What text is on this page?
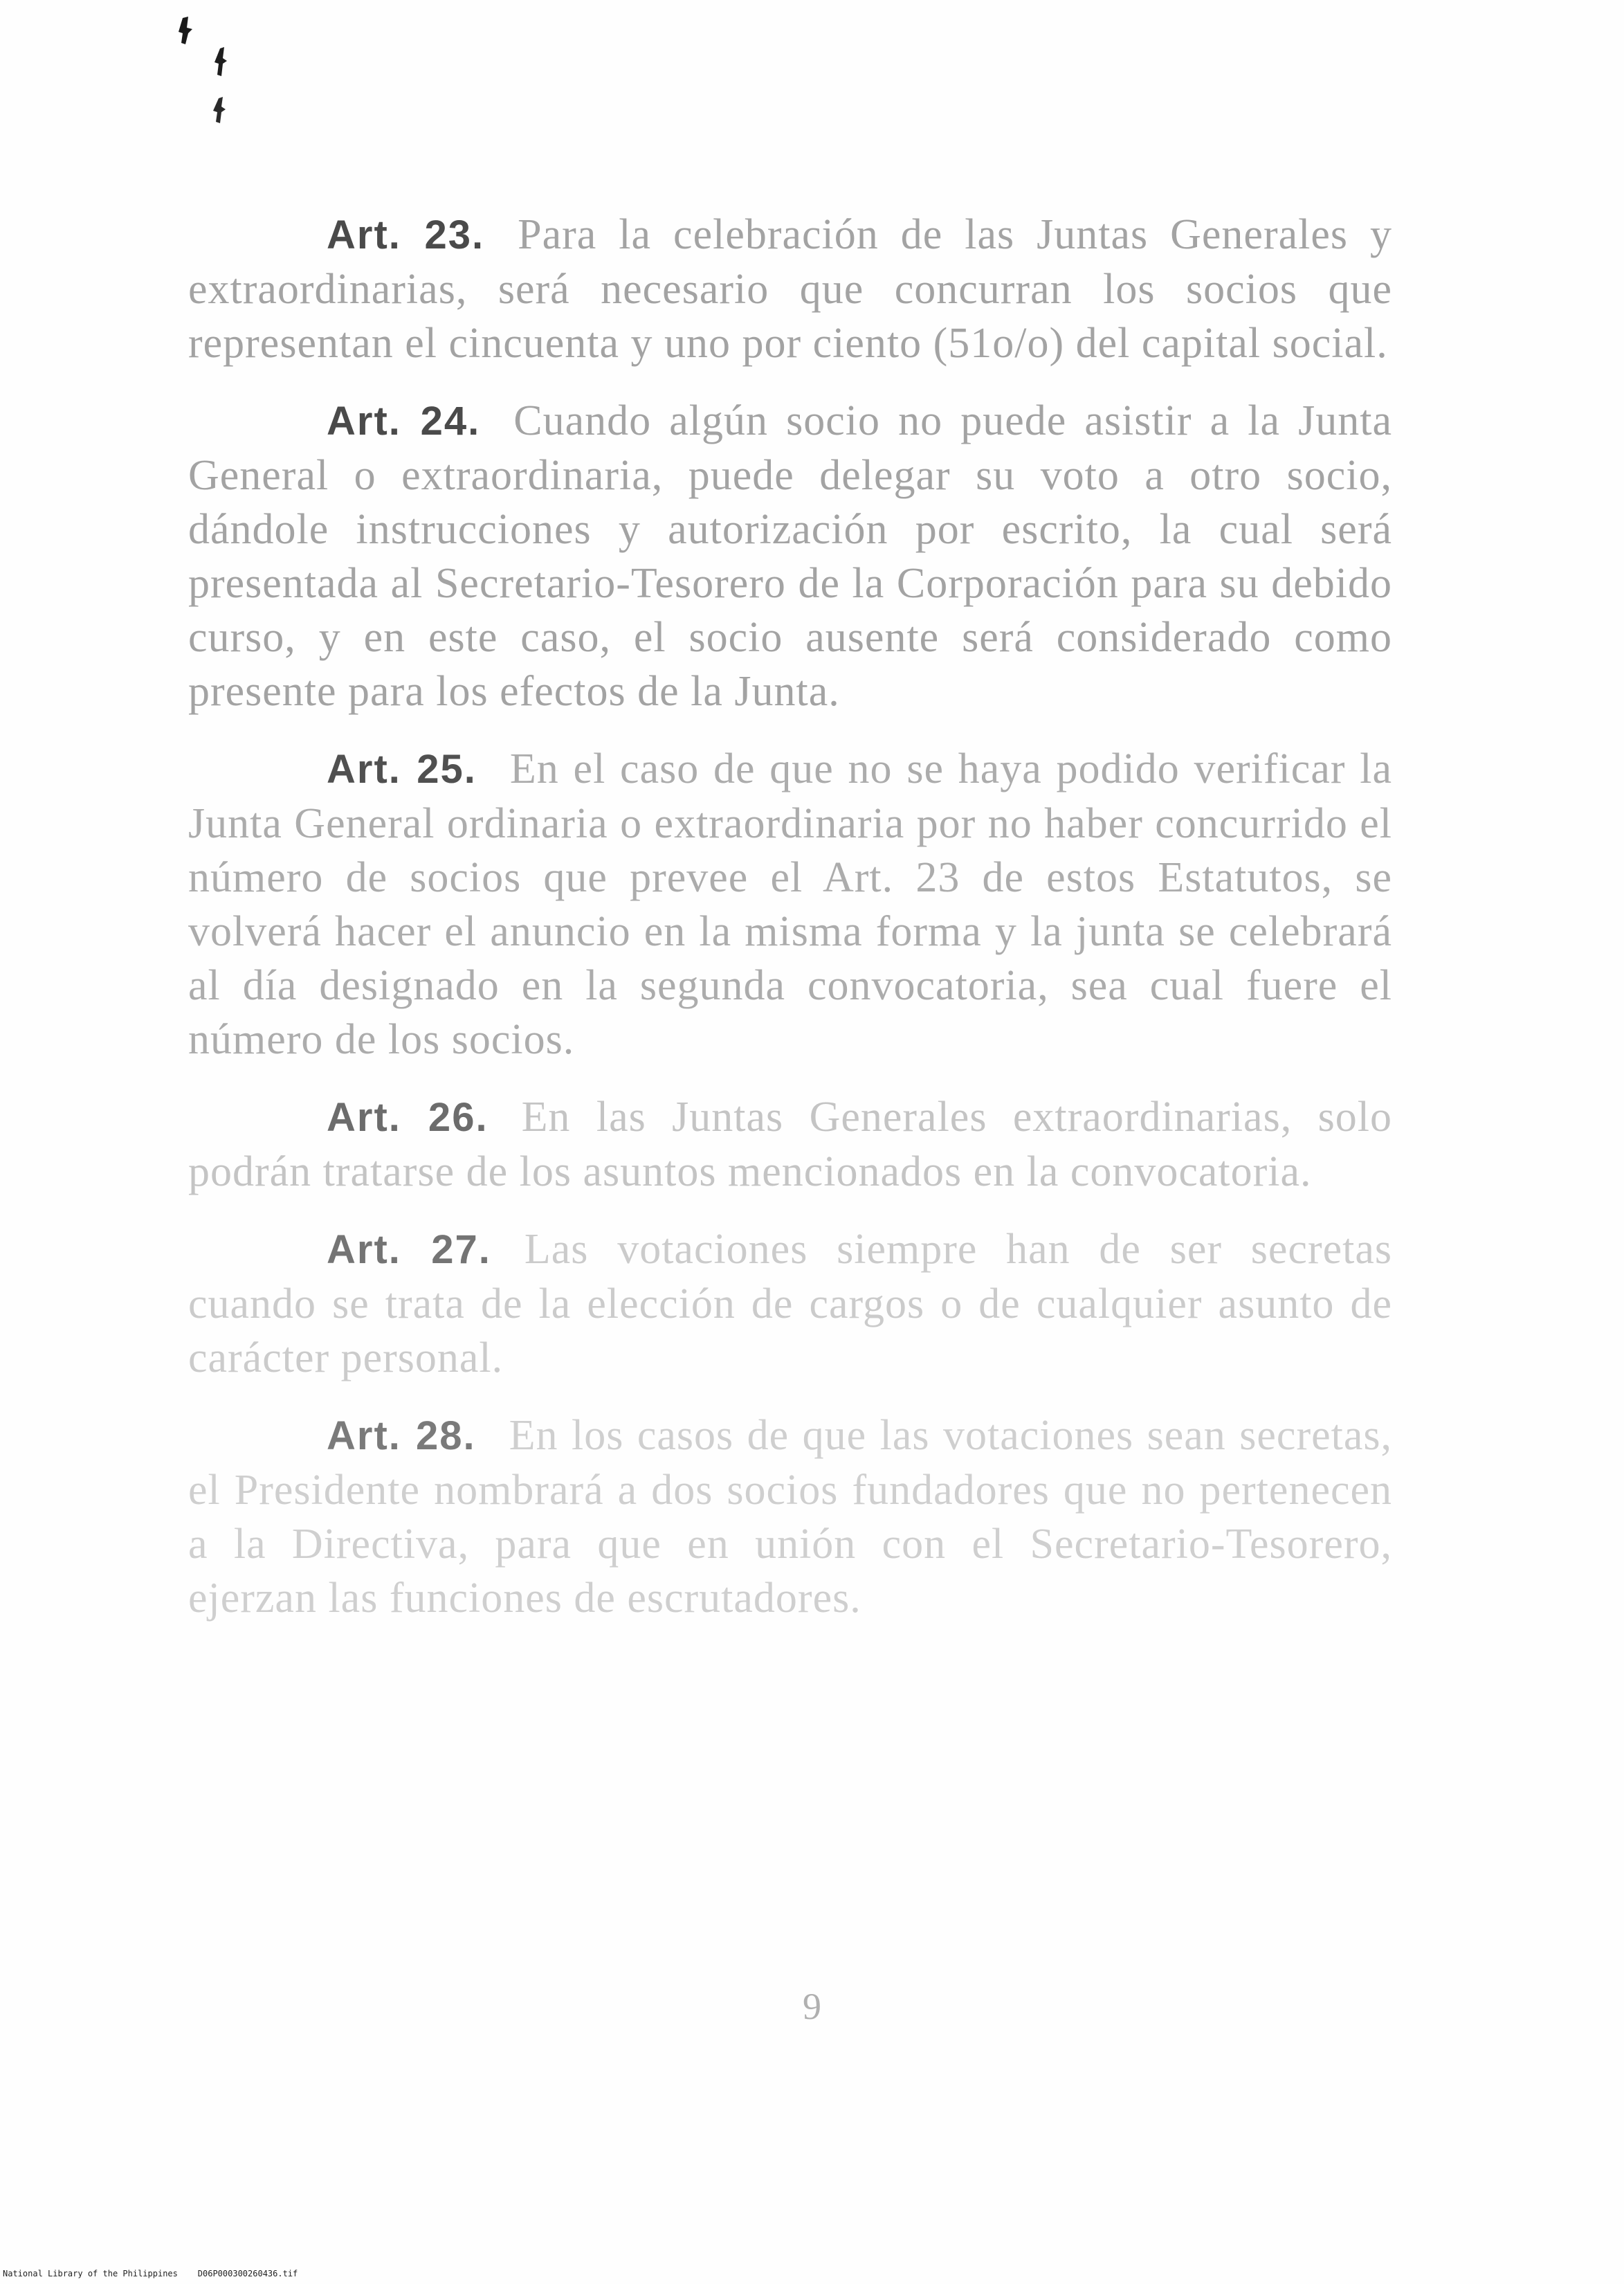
Art. 23. Para la celebración de las Juntas Generales y extraordinarias, será necesario que concurran los socios que representan el cincuenta y uno por ciento (51o/o) del capital social.

Art. 24. Cuando algún socio no puede asistir a la Junta General o extraordinaria, puede delegar su voto a otro socio, dándole instrucciones y autorización por escrito, la cual será presentada al Secretario-Tesorero de la Corporación para su debido curso, y en este caso, el socio ausente será considerado como presente para los efectos de la Junta.

Art. 25. En el caso de que no se haya podido verificar la Junta General ordinaria o extraordinaria por no haber concurrido el número de socios que prevee el Art. 23 de estos Estatutos, se volverá hacer el anuncio en la misma forma y la junta se celebrará al día designado en la segunda convocatoria, sea cual fuere el número de los socios.

Art. 26. En las Juntas Generales extraordinarias, solo podrán tratarse de los asuntos mencionados en la convocatoria.

Art. 27. Las votaciones siempre han de ser secretas cuando se trata de la elección de cargos o de cualquier asunto de carácter personal.

Art. 28. En los casos de que las votaciones sean secretas, el Presidente nombrará a dos socios fundadores que no pertenecen a la Directiva, para que en unión con el Secretario-Tesorero, ejerzan las funciones de escrutadores.

9
National Library of the Philippines D06P000300260436.tif
